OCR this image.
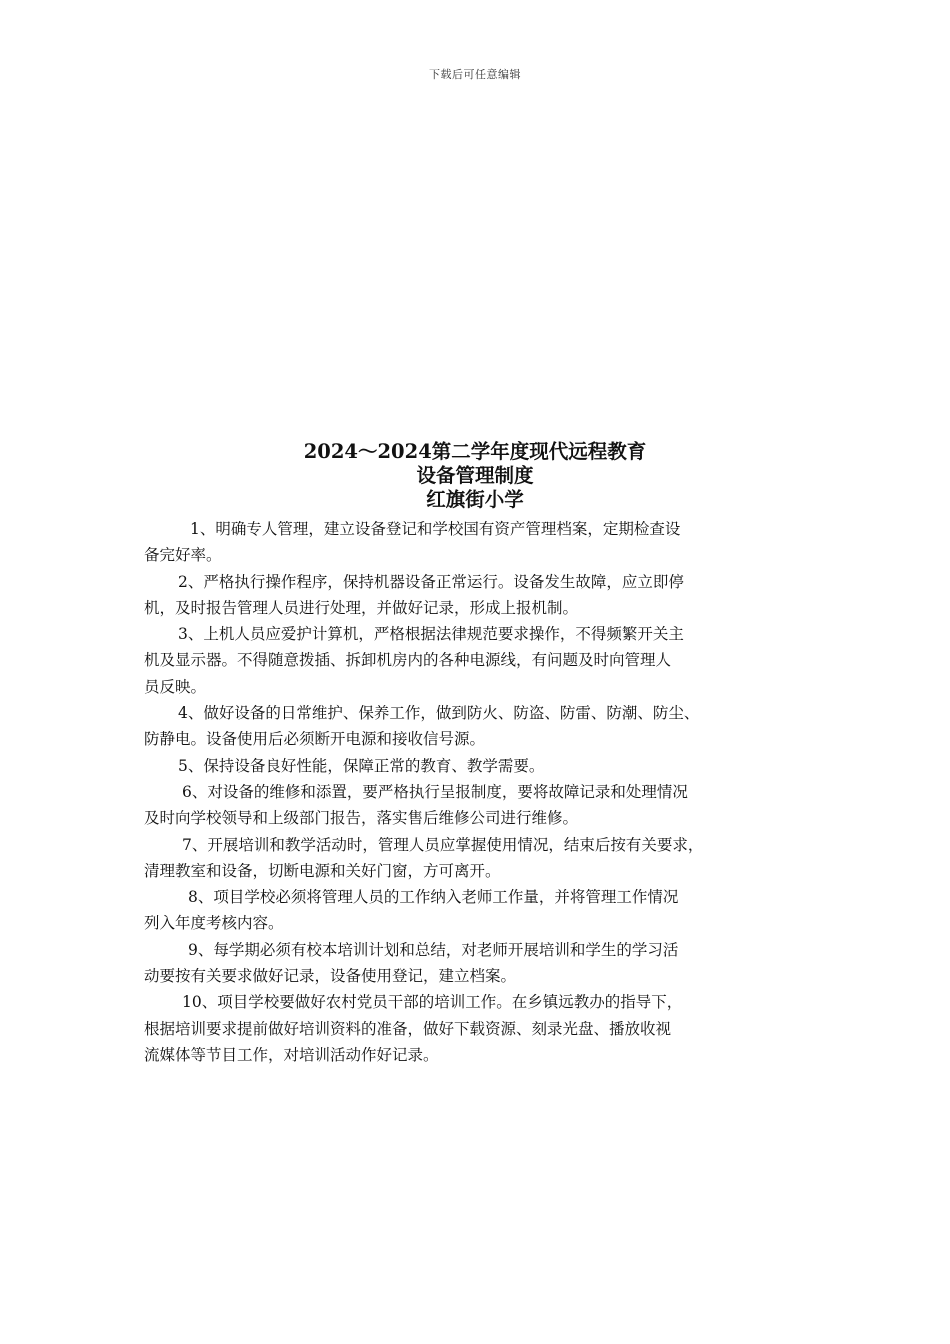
下载后可任意编辑
2024～2024第二学年度现代远程教育
设备管理制度
红旗街小学
1、明确专人管理，建立设备登记和学校国有资产管理档案，定期检查设
备完好率。
2、严格执行操作程序，保持机器设备正常运行。设备发生故障，应立即停
机，及时报告管理人员进行处理，并做好记录，形成上报机制。
3、上机人员应爱护计算机，严格根据法律规范要求操作，不得频繁开关主
机及显示器。不得随意拨插、拆卸机房内的各种电源线，有问题及时向管理人
员反映。
4、做好设备的日常维护、保养工作，做到防火、防盗、防雷、防潮、防尘、
防静电。设备使用后必须断开电源和接收信号源。
5、保持设备良好性能，保障正常的教育、教学需要。
6、对设备的维修和添置，要严格执行呈报制度，要将故障记录和处理情况
及时向学校领导和上级部门报告，落实售后维修公司进行维修。
7、开展培训和教学活动时，管理人员应掌握使用情况，结束后按有关要求，
清理教室和设备，切断电源和关好门窗，方可离开。
8、项目学校必须将管理人员的工作纳入老师工作量，并将管理工作情况
列入年度考核内容。
9、每学期必须有校本培训计划和总结，对老师开展培训和学生的学习活
动要按有关要求做好记录，设备使用登记，建立档案。
10、项目学校要做好农村党员干部的培训工作。在乡镇远教办的指导下，
根据培训要求提前做好培训资料的准备，做好下载资源、刻录光盘、播放收视
流媒体等节目工作，对培训活动作好记录。
